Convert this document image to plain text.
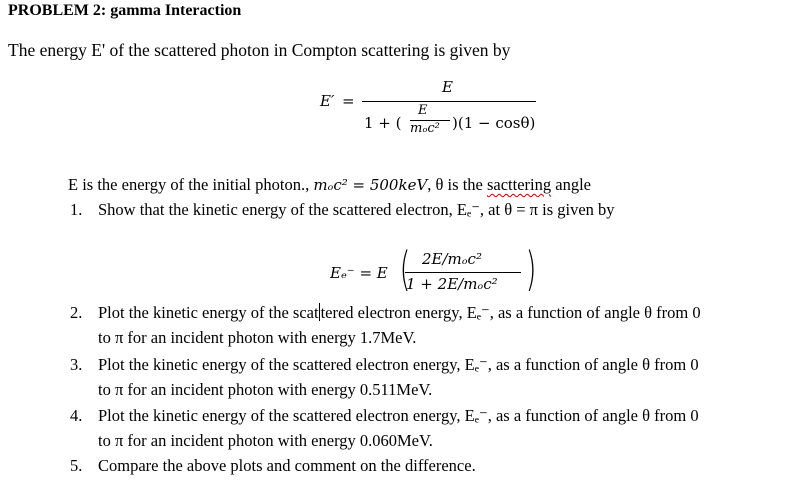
PROBLEM 2: gamma Interaction
The energy E' of the scattered photon in Compton scattering is given by
E′ =
E
1 + (
E
mₒc² )(1 − cosθ)
E is the energy of the initial photon., mₒc² = 500keV, θ is the sacttering angle
1. Show that the kinetic energy of the scattered electron, Eₑ⁻, at θ = π is given by
Eₑ⁻ = E ( 2E/mₒc²
1 + 2E/mₒc² )
2. Plot the kinetic energy of the scat tered electron energy, Eₑ⁻, as a function of angle θ from 0
to π for an incident photon with energy 1.7MeV.
3. Plot the kinetic energy of the scattered electron energy, Eₑ⁻, as a function of angle θ from 0
to π for an incident photon with energy 0.511MeV.
4. Plot the kinetic energy of the scattered electron energy, Eₑ⁻, as a function of angle θ from 0
to π for an incident photon with energy 0.060MeV.
5. Compare the above plots and comment on the difference.
